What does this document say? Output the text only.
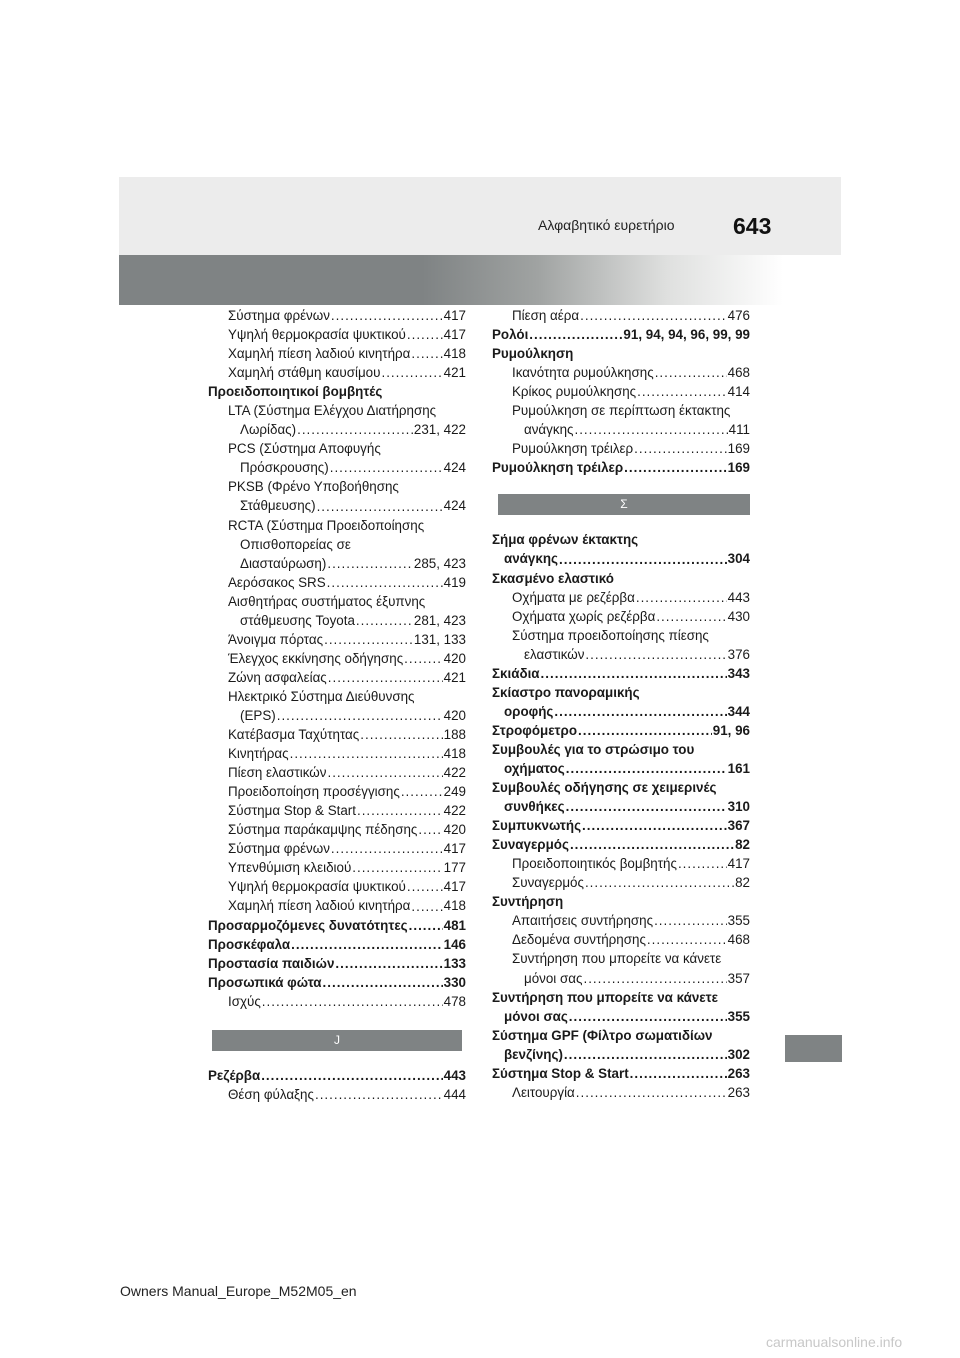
Αλφαβητικό ευρετήριο	643
Σύστημα φρένων .....	417
Υψηλή θερμοκρασία ψυκτικού .....	417
Χαμηλή πίεση λαδιού κινητήρα ..... 418
Χαμηλή στάθμη καυσίμου .....	421
Προειδοποιητικοί βομβητές
LTA (Σύστημα Ελέγχου Διατήρησης
Λωρίδας) .....	231, 422
PCS (Σύστημα Αποφυγής
Πρόσκρουσης) .....	424
PKSB (Φρένο Υποβοήθησης
Στάθμευσης) .....	424
RCTA (Σύστημα Προειδοποίησης
Οπισθοπορείας σε
Διασταύρωση) .....	285, 423
Αερόσακος SRS .....	419
Αισθητήρας συστήματος έξυπνης
στάθμευσης Toyota .....	281, 423
Άνοιγμα πόρτας .....	131, 133
Έλεγχος εκκίνησης οδήγησης .....	420
Ζώνη ασφαλείας .....	421
Ηλεκτρικό Σύστημα Διεύθυνσης
(EPS) .....	420
Κατέβασμα Ταχύτητας .....	188
Κινητήρας .....	418
Πίεση ελαστικών .....	422
Προειδοποίηση προσέγγισης .....	249
Σύστημα Stop & Start .....	422
Σύστημα παράκαμψης πέδησης ..... 420
Σύστημα φρένων .....	417
Υπενθύμιση κλειδιού .....	177
Υψηλή θερμοκρασία ψυκτικού .....	417
Χαμηλή πίεση λαδιού κινητήρα ..... 418
Προσαρμοζόμενες δυνατότητες .....	481
Προσκέφαλα .....	146
Προστασία παιδιών .....	133
Προσωπικά φώτα .....	330
Ισχύς .....	478
J
Ρεζέρβα .....	443
Θέση φύλαξης .....	444
Πίεση αέρα .....	476
Ρολόι .....	91, 94, 94, 96, 99, 99
Ρυμούλκηση
Ικανότητα ρυμούλκησης .....	468
Κρίκος ρυμούλκησης .....	414
Ρυμούλκηση σε περίπτωση έκτακτης
ανάγκης .....	411
Ρυμούλκηση τρέιλερ .....	169
Ρυμούλκηση τρέιλερ .....	169
Σ
Σήμα φρένων έκτακτης
ανάγκης .....	304
Σκασμένο ελαστικό
Οχήματα με ρεζέρβα .....	443
Οχήματα χωρίς ρεζέρβα .....	430
Σύστημα προειδοποίησης πίεσης
ελαστικών .....	376
Σκιάδια .....	343
Σκίαστρο πανοραμικής
οροφής .....	344
Στροφόμετρο .....	91, 96
Συμβουλές για το στρώσιμο του
οχήματος .....	161
Συμβουλές οδήγησης σε χειμερινές
συνθήκες .....	310
Συμπυκνωτής .....	367
Συναγερμός .....	82
Προειδοποιητικός βομβητής .....	417
Συναγερμός .....	82
Συντήρηση
Απαιτήσεις συντήρησης .....	355
Δεδομένα συντήρησης .....	468
Συντήρηση που μπορείτε να κάνετε
μόνοι σας .....	357
Συντήρηση που μπορείτε να κάνετε
μόνοι σας .....	355
Σύστημα GPF (Φίλτρο σωματιδίων
βενζίνης) .....	302
Σύστημα Stop & Start .....	263
Λειτουργία .....	263
Owners Manual_Europe_M52M05_en
carmanualsonline.info
